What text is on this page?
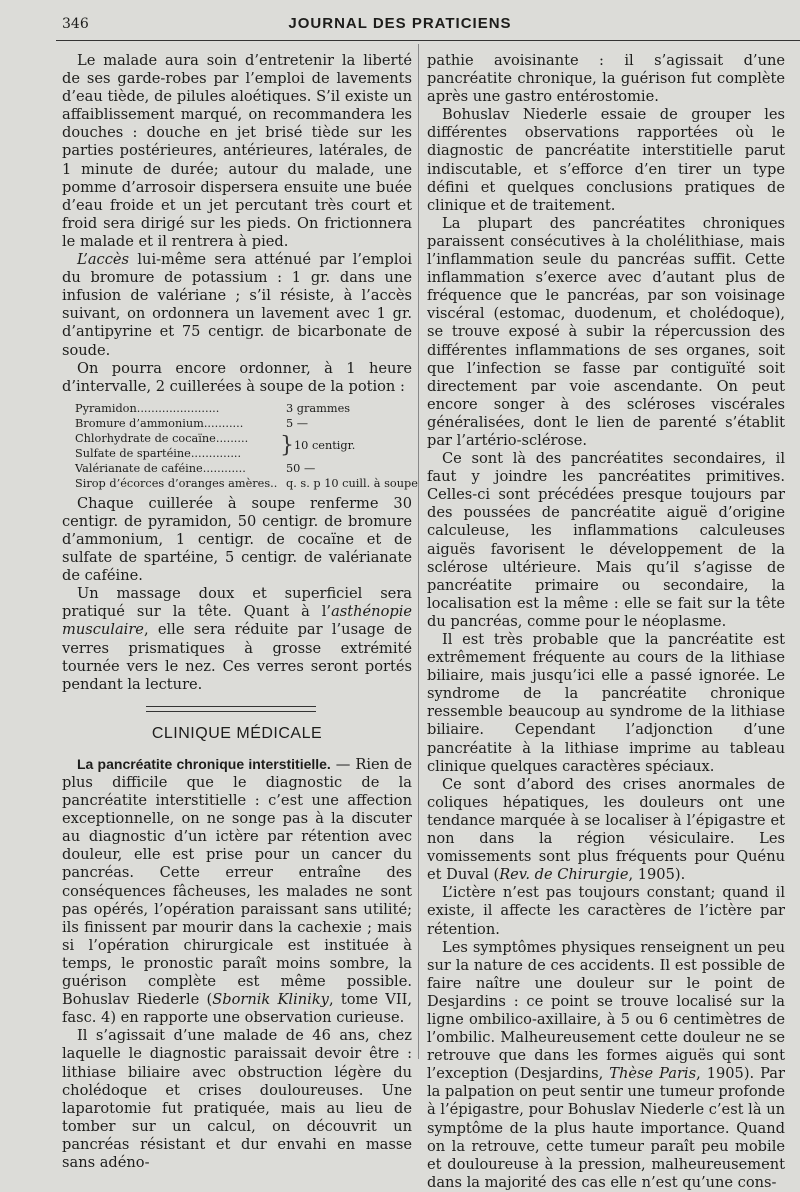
346	JOURNAL DES PRATICIENS

Le malade aura soin d’entretenir la liberté de ses garde-robes par l’emploi de lavements d’eau tiède, de pilules aloétiques. S’il existe un affaiblissement marqué, on recommandera les douches : douche en jet brisé tiède sur les parties postérieures, antérieures, latérales, de 1 minute de durée; autour du malade, une pomme d’arrosoir dispersera ensuite une buée d’eau froide et un jet percutant très court et froid sera dirigé sur les pieds. On frictionnera le malade et il rentrera à pied.

L’accès lui-même sera atténué par l’emploi du bromure de potassium : 1 gr. dans une infusion de valériane ; s’il résiste, à l’accès suivant, on ordonnera un lavement avec 1 gr. d’antipyrine et 75 centigr. de bicarbonate de soude.

On pourra encore ordonner, à 1 heure d’intervalle, 2 cuillerées à soupe de la potion :

Pyramidon.......................	3 grammes
Bromure d’ammonium...........	5 —
Chlorhydrate de cocaïne.........
Sulfate de spartéine..............	} 10 centigr.
Valérianate de caféine............	50 —
Sirop d’écorces d’oranges amères.. q. s. p 10 cuill. à soupe

Chaque cuillerée à soupe renferme 30 centigr. de pyramidon, 50 centigr. de bromure d’ammonium, 1 centigr. de cocaïne et de sulfate de spartéine, 5 centigr. de valérianate de caféine.

Un massage doux et superficiel sera pratiqué sur la tête. Quant à l’asthénopie musculaire, elle sera réduite par l’usage de verres prismatiques à grosse extrémité tournée vers le nez. Ces verres seront portés pendant la lecture.

CLINIQUE MÉDICALE

La pancréatite chronique interstitielle. — Rien de plus difficile que le diagnostic de la pancréatite interstitielle : c’est une affection exceptionnelle, on ne songe pas à la discuter au diagnostic d’un ictère par rétention avec douleur, elle est prise pour un cancer du pancréas. Cette erreur entraîne des conséquences fâcheuses, les malades ne sont pas opérés, l’opération paraissant sans utilité; ils finissent par mourir dans la cachexie ; mais si l’opération chirurgicale est instituée à temps, le pronostic paraît moins sombre, la guérison complète est même possible. Bohuslav Riederle (Sbornik Kliniky, tome VII, fasc. 4) en rapporte une observation curieuse.

Il s’agissait d’une malade de 46 ans, chez laquelle le diagnostic paraissait devoir être : lithiase biliaire avec obstruction légère du cholédoque et crises douloureuses. Une laparotomie fut pratiquée, mais au lieu de tomber sur un calcul, on découvrit un pancréas résistant et dur envahi en masse sans adéno-

pathie avoisinante : il s’agissait d’une pancréatite chronique, la guérison fut complète après une gastro entérostomie.

Bohuslav Niederle essaie de grouper les différentes observations rapportées où le diagnostic de pancréatite interstitielle parut indiscutable, et s’efforce d’en tirer un type défini et quelques conclusions pratiques de clinique et de traitement.

La plupart des pancréatites chroniques paraissent consécutives à la cholélithiase, mais l’inflammation seule du pancréas suffit. Cette inflammation s’exerce avec d’autant plus de fréquence que le pancréas, par son voisinage viscéral (estomac, duodenum, et cholédoque), se trouve exposé à subir la répercussion des différentes inflammations de ses organes, soit que l’infection se fasse par contiguïté soit directement par voie ascendante. On peut encore songer à des scléroses viscérales généralisées, dont le lien de parenté s’établit par l’artério-sclérose.

Ce sont là des pancréatites secondaires, il faut y joindre les pancréatites primitives. Celles-ci sont précédées presque toujours par des poussées de pancréatite aiguë d’origine calculeuse, les inflammations calculeuses aiguës favorisent le développement de la sclérose ultérieure. Mais qu’il s’agisse de pancréatite primaire ou secondaire, la localisation est la même : elle se fait sur la tête du pancréas, comme pour le néoplasme.

Il est très probable que la pancréatite est extrêmement fréquente au cours de la lithiase biliaire, mais jusqu’ici elle a passé ignorée. Le syndrome de la pancréatite chronique ressemble beaucoup au syndrome de la lithiase biliaire. Cependant l’adjonction d’une pancréatite à la lithiase imprime au tableau clinique quelques caractères spéciaux.

Ce sont d’abord des crises anormales de coliques hépatiques, les douleurs ont une tendance marquée à se localiser à l’épigastre et non dans la région vésiculaire. Les vomissements sont plus fréquents pour Quénu et Duval (Rev. de Chirurgie, 1905).

L’ictère n’est pas toujours constant; quand il existe, il affecte les caractères de l’ictère par rétention.

Les symptômes physiques renseignent un peu sur la nature de ces accidents. Il est possible de faire naître une douleur sur le point de Desjardins : ce point se trouve localisé sur la ligne ombilico-axillaire, à 5 ou 6 centimètres de l’ombilic. Malheureusement cette douleur ne se retrouve que dans les formes aiguës qui sont l’exception (Desjardins, Thèse Paris, 1905). Par la palpation on peut sentir une tumeur profonde à l’épigastre, pour Bohuslav Niederle c’est là un symptôme de la plus haute importance. Quand on la retrouve, cette tumeur paraît peu mobile et douloureuse à la pression, malheureusement dans la majorité des cas elle n’est qu’une cons-
